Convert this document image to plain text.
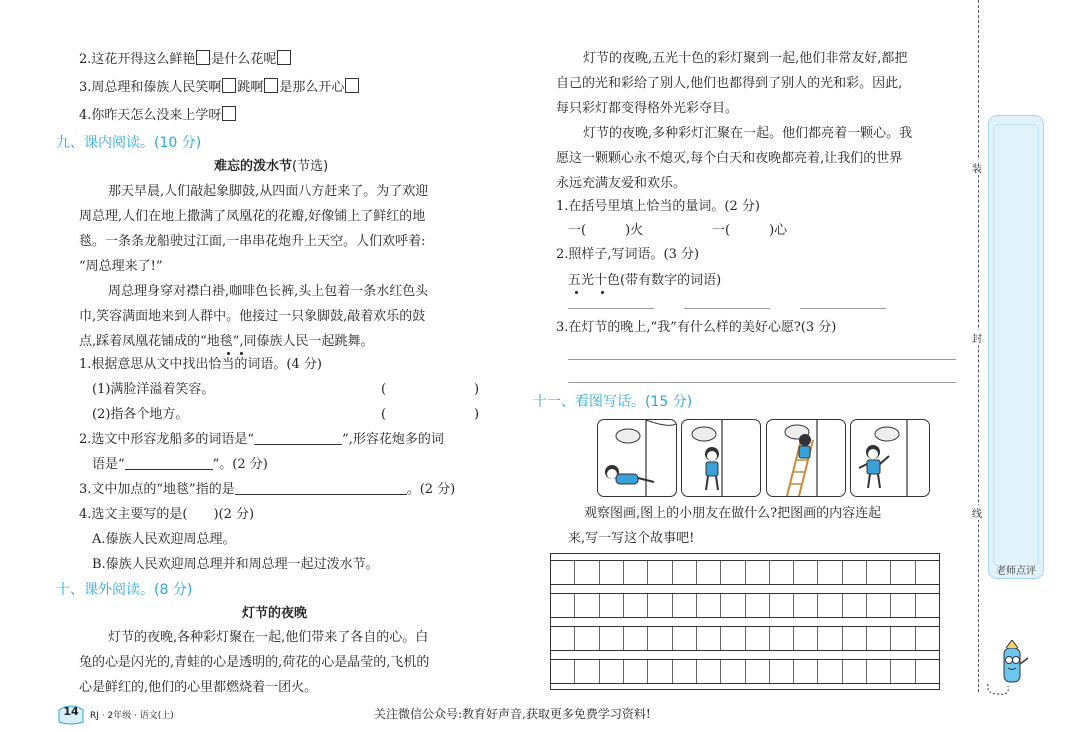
2.这花开得这么鲜艳 是什么花呢
3.周总理和傣族人民笑啊 跳啊 是那么开心
4.你昨天怎么没来上学呀
九、课内阅读。(10 分)
难忘的泼水节(节选)
那天早晨,人们敲起象脚鼓,从四面八方赶来了。为了欢迎
周总理,人们在地上撒满了凤凰花的花瓣,好像铺上了鲜红的地
毯。一条条龙船驶过江面,一串串花炮升上天空。人们欢呼着:
“周总理来了!”
周总理身穿对襟白褂,咖啡色长裤,头上包着一条水红色头
巾,笑容满面地来到人群中。他接过一只象脚鼓,敲着欢乐的鼓
点,踩着凤凰花铺成的“地毯”,同傣族人民一起跳舞。
1.根据意思从文中找出恰当的词语。(4 分)
(1)满脸洋溢着笑容。	(	)
(2)指各个地方。	(	)
2.选文中形容龙船多的词语是“	”,形容花炮多的词
语是“	”。(2 分)
3.文中加点的“地毯”指的是	。(2 分)
4.选文主要写的是(　　)(2 分)
A.傣族人民欢迎周总理。
B.傣族人民欢迎周总理并和周总理一起过泼水节。
十、课外阅读。(8 分)
灯节的夜晚
灯节的夜晚,各种彩灯聚在一起,他们带来了各自的心。白
兔的心是闪光的,青蛙的心是透明的,荷花的心是晶莹的,飞机的
心是鲜红的,他们的心里都燃烧着一团火。
灯节的夜晚,五光十色的彩灯聚到一起,他们非常友好,都把
自己的光和彩给了别人,他们也都得到了别人的光和彩。因此,
每只彩灯都变得格外光彩夺目。
灯节的夜晚,多种彩灯汇聚在一起。他们都亮着一颗心。我
愿这一颗颗心永不熄灭,每个白天和夜晚都亮着,让我们的世界
永远充满友爱和欢乐。
1.在括号里填上恰当的量词。(2 分)
一(　　　)火	一(　　　)心
2.照样子,写词语。(3 分)
五光十色(带有数字的词语)
3.在灯节的晚上,“我”有什么样的美好心愿?(3 分)
十一、看图写话。(15 分)
观察图画,图上的小朋友在做什么?把图画的内容连起
来,写一写这个故事吧!
装
封
线
老师点评
14	RJ · 2年级 · 语文(上)	关注微信公众号:教育好声音,获取更多免费学习资料!
